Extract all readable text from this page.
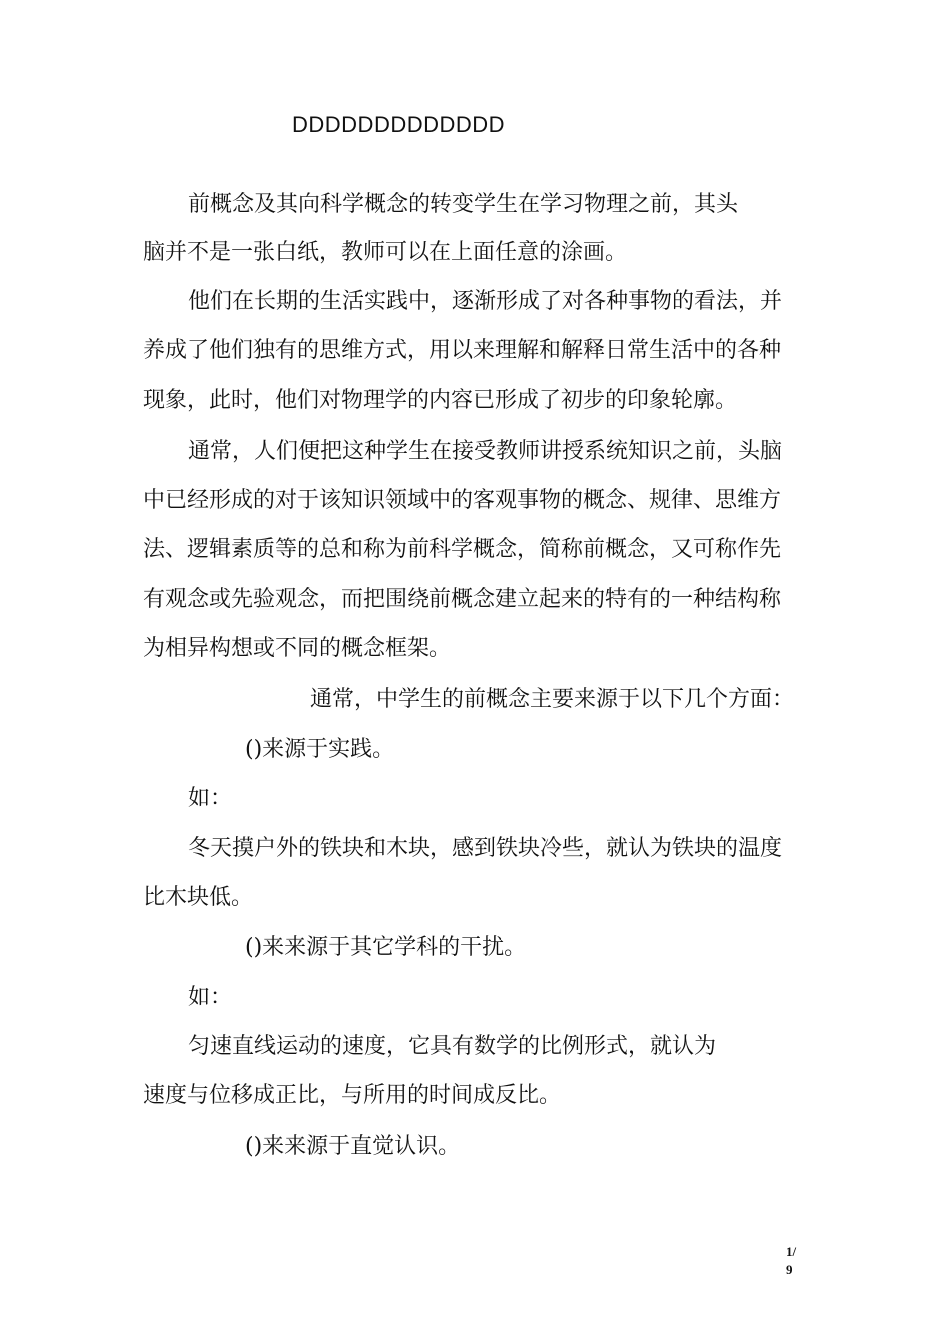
DDDDDDDDDDDDD
前概念及其向科学概念的转变学生在学习物理之前，其头
脑并不是一张白纸，教师可以在上面任意的涂画。
他们在长期的生活实践中，逐渐形成了对各种事物的看法，并
养成了他们独有的思维方式，用以来理解和解释日常生活中的各种
现象，此时，他们对物理学的内容已形成了初步的印象轮廓。
通常，人们便把这种学生在接受教师讲授系统知识之前，头脑
中已经形成的对于该知识领域中的客观事物的概念、规律、思维方
法、逻辑素质等的总和称为前科学概念，简称前概念，又可称作先
有观念或先验观念，而把围绕前概念建立起来的特有的一种结构称
为相异构想或不同的概念框架。
通常，中学生的前概念主要来源于以下几个方面：
()来源于实践。
如：
冬天摸户外的铁块和木块，感到铁块冷些，就认为铁块的温度
比木块低。
()来来源于其它学科的干扰。
如：
匀速直线运动的速度，它具有数学的比例形式，就认为
速度与位移成正比，与所用的时间成反比。
()来来源于直觉认识。
1/
9
